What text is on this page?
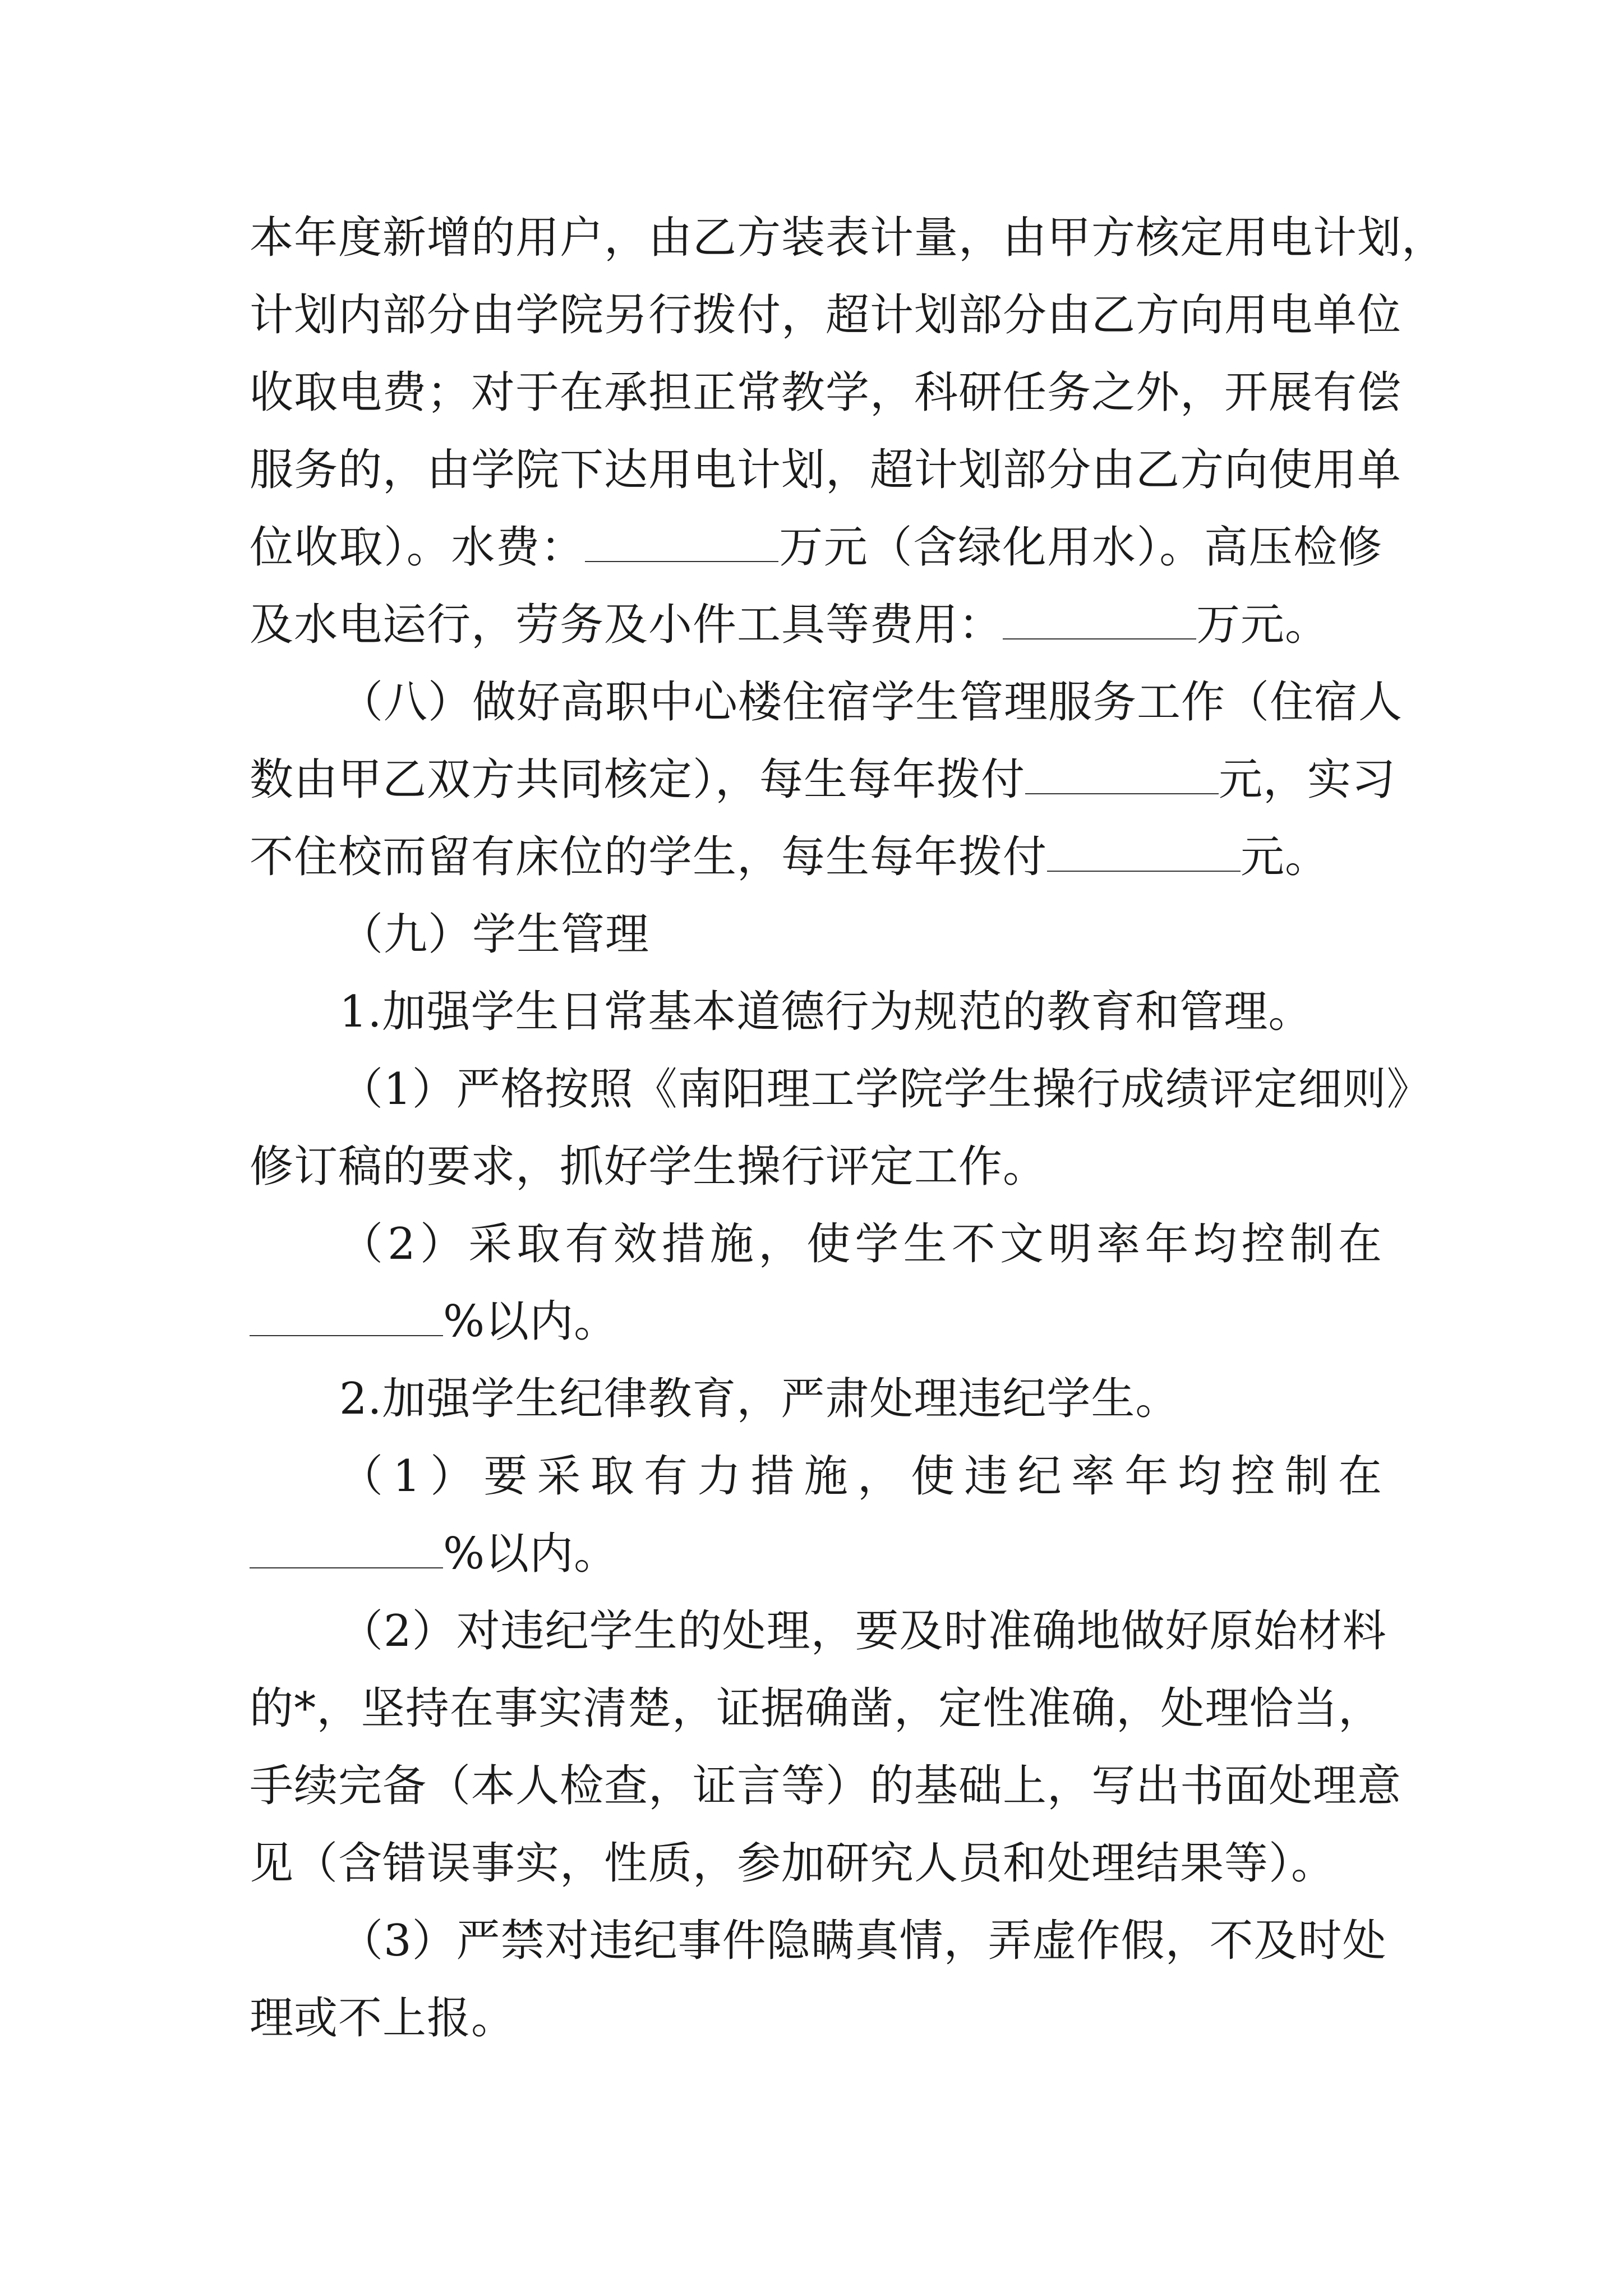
本年度新增的用户，由乙方装表计量，由甲方核定用电计划，
计划内部分由学院另行拨付，超计划部分由乙方向用电单位
收取电费；对于在承担正常教学，科研任务之外，开展有偿
服务的，由学院下达用电计划，超计划部分由乙方向使用单
位收取）。水费：	万元（含绿化用水）。高压检修
及水电运行，劳务及小件工具等费用：	万元。
（八）做好高职中心楼住宿学生管理服务工作（住宿人
数由甲乙双方共同核定），每生每年拨付	元，实习
不住校而留有床位的学生，每生每年拨付	元。
（九）学生管理
1.加强学生日常基本道德行为规范的教育和管理。
（1）严格按照《南阳理工学院学生操行成绩评定细则》
修订稿的要求，抓好学生操行评定工作。
（2）采取有效措施，使学生不文明率年均控制在
%以内。
2.加强学生纪律教育，严肃处理违纪学生。
（1）要采取有力措施，使违纪率年均控制在
%以内。
（2）对违纪学生的处理，要及时准确地做好原始材料
的*，坚持在事实清楚，证据确凿，定性准确，处理恰当，
手续完备（本人检查，证言等）的基础上，写出书面处理意
见（含错误事实，性质，参加研究人员和处理结果等）。
（3）严禁对违纪事件隐瞒真情，弄虚作假，不及时处
理或不上报。
